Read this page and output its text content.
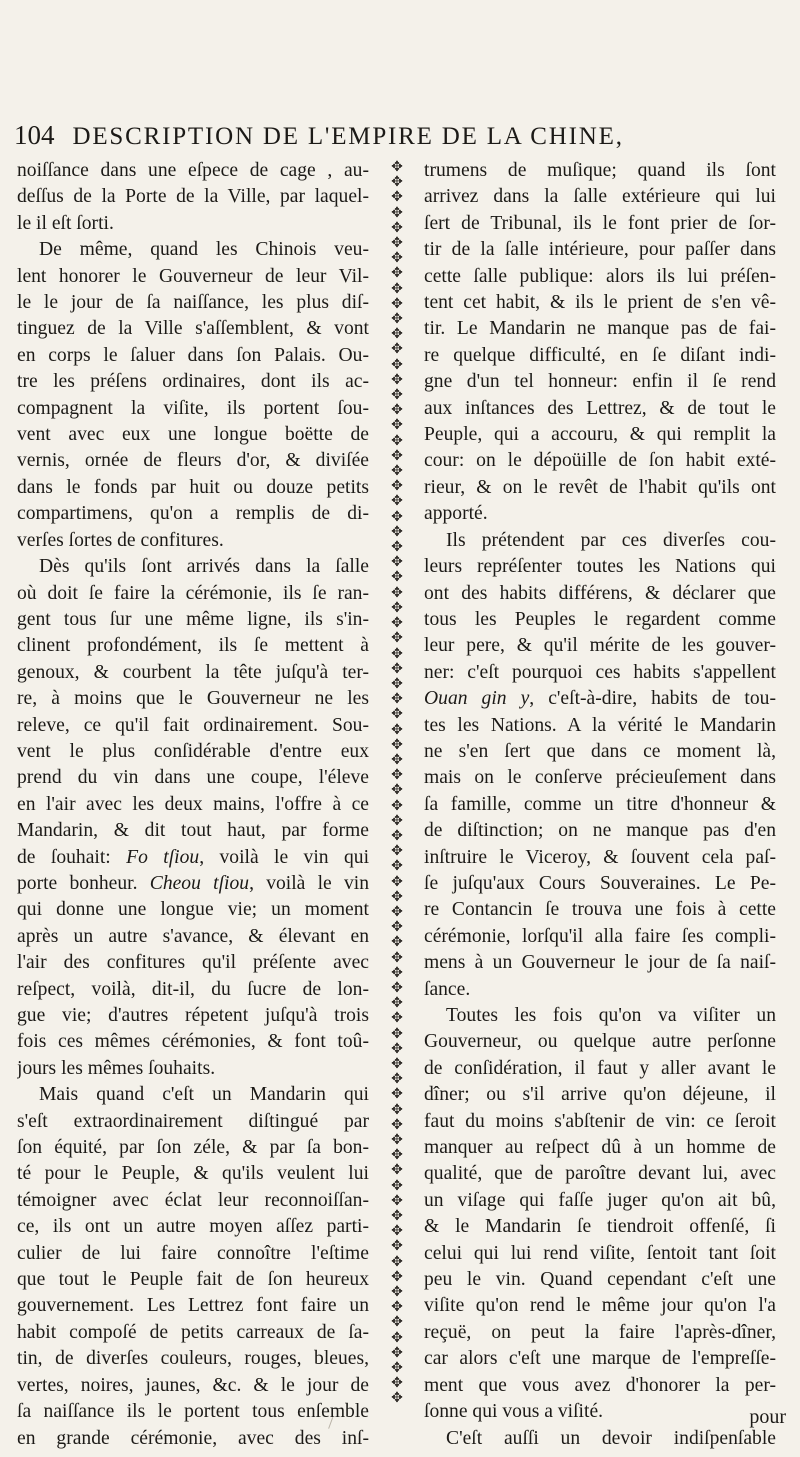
104 DESCRIPTION DE L'EMPIRE DE LA CHINE,
noiſſance dans une eſpece de cage , au-
deſſus de la Porte de la Ville, par laquel-
le il eſt ſorti.
De même, quand les Chinois veu-
lent honorer le Gouverneur de leur Vil-
le le jour de ſa naiſſance, les plus diſ-
tinguez de la Ville s'aſſemblent, & vont
en corps le ſaluer dans ſon Palais. Ou-
tre les préſens ordinaires, dont ils ac-
compagnent la viſite, ils portent ſou-
vent avec eux une longue boëtte de
vernis, ornée de fleurs d'or, & diviſée
dans le fonds par huit ou douze petits
compartimens, qu'on a remplis de di-
verſes ſortes de confitures.
Dès qu'ils ſont arrivés dans la ſalle
où doit ſe faire la cérémonie, ils ſe ran-
gent tous ſur une même ligne, ils s'in-
clinent profondément, ils ſe mettent à
genoux, & courbent la tête juſqu'à ter-
re, à moins que le Gouverneur ne les
releve, ce qu'il fait ordinairement. Sou-
vent le plus conſidérable d'entre eux
prend du vin dans une coupe, l'éleve
en l'air avec les deux mains, l'offre à ce
Mandarin, & dit tout haut, par forme
de ſouhait: Fo tſiou, voilà le vin qui
porte bonheur. Cheou tſiou, voilà le vin
qui donne une longue vie; un moment
après un autre s'avance, & élevant en
l'air des confitures qu'il préſente avec
reſpect, voilà, dit-il, du ſucre de lon-
gue vie; d'autres répetent juſqu'à trois
fois ces mêmes cérémonies, & font toû-
jours les mêmes ſouhaits.
Mais quand c'eſt un Mandarin qui
s'eſt extraordinairement diſtingué par
ſon équité, par ſon zéle, & par ſa bon-
té pour le Peuple, & qu'ils veulent lui
témoigner avec éclat leur reconnoiſſan-
ce, ils ont un autre moyen aſſez parti-
culier de lui faire connoître l'eſtime
que tout le Peuple fait de ſon heureux
gouvernement. Les Lettrez font faire un
habit compoſé de petits carreaux de ſa-
tin, de diverſes couleurs, rouges, bleues,
vertes, noires, jaunes, &c. & le jour de
ſa naiſſance ils le portent tous enſemble
en grande cérémonie, avec des inſ-
✥
✥
✥
✥
✥
✥
✥
✥
✥
✥
✥
✥
✥
✥
✥
✥
✥
✥
✥
✥
✥
✥
✥
✥
✥
✥
✥
✥
✥
✥
✥
✥
✥
✥
✥
✥
✥
✥
✥
✥
✥
✥
✥
✥
✥
✥
✥
✥
✥
✥
✥
✥
✥
✥
✥
✥
✥
✥
✥
✥
✥
✥
✥
✥
✥
✥
✥
✥
✥
✥
✥
✥
✥
✥
✥
✥
✥
✥
✥
✥
✥
✥
trumens de muſique; quand ils ſont
arrivez dans la ſalle extérieure qui lui
ſert de Tribunal, ils le font prier de ſor-
tir de la ſalle intérieure, pour paſſer dans
cette ſalle publique: alors ils lui préſen-
tent cet habit, & ils le prient de s'en vê-
tir. Le Mandarin ne manque pas de fai-
re quelque difficulté, en ſe diſant indi-
gne d'un tel honneur: enfin il ſe rend
aux inſtances des Lettrez, & de tout le
Peuple, qui a accouru, & qui remplit la
cour: on le dépoüille de ſon habit exté-
rieur, & on le revêt de l'habit qu'ils ont
apporté.
Ils prétendent par ces diverſes cou-
leurs repréſenter toutes les Nations qui
ont des habits différens, & déclarer que
tous les Peuples le regardent comme
leur pere, & qu'il mérite de les gouver-
ner: c'eſt pourquoi ces habits s'appellent
Ouan gin y, c'eſt-à-dire, habits de tou-
tes les Nations. A la vérité le Mandarin
ne s'en ſert que dans ce moment là,
mais on le conſerve précieuſement dans
ſa famille, comme un titre d'honneur &
de diſtinction; on ne manque pas d'en
inſtruire le Viceroy, & ſouvent cela paſ-
ſe juſqu'aux Cours Souveraines. Le Pe-
re Contancin ſe trouva une fois à cette
cérémonie, lorſqu'il alla faire ſes compli-
mens à un Gouverneur le jour de ſa naiſ-
ſance.
Toutes les fois qu'on va viſiter un
Gouverneur, ou quelque autre perſonne
de conſidération, il faut y aller avant le
dîner; ou s'il arrive qu'on déjeune, il
faut du moins s'abſtenir de vin: ce ſeroit
manquer au reſpect dû à un homme de
qualité, que de paroître devant lui, avec
un viſage qui faſſe juger qu'on ait bû,
& le Mandarin ſe tiendroit offenſé, ſi
celui qui lui rend viſite, ſentoit tant ſoit
peu le vin. Quand cependant c'eſt une
viſite qu'on rend le même jour qu'on l'a
reçuë, on peut la faire l'après-dîner,
car alors c'eſt une marque de l'empreſſe-
ment que vous avez d'honorer la per-
ſonne qui vous a viſité.
C'eſt auſſi un devoir indiſpenſable
pour
